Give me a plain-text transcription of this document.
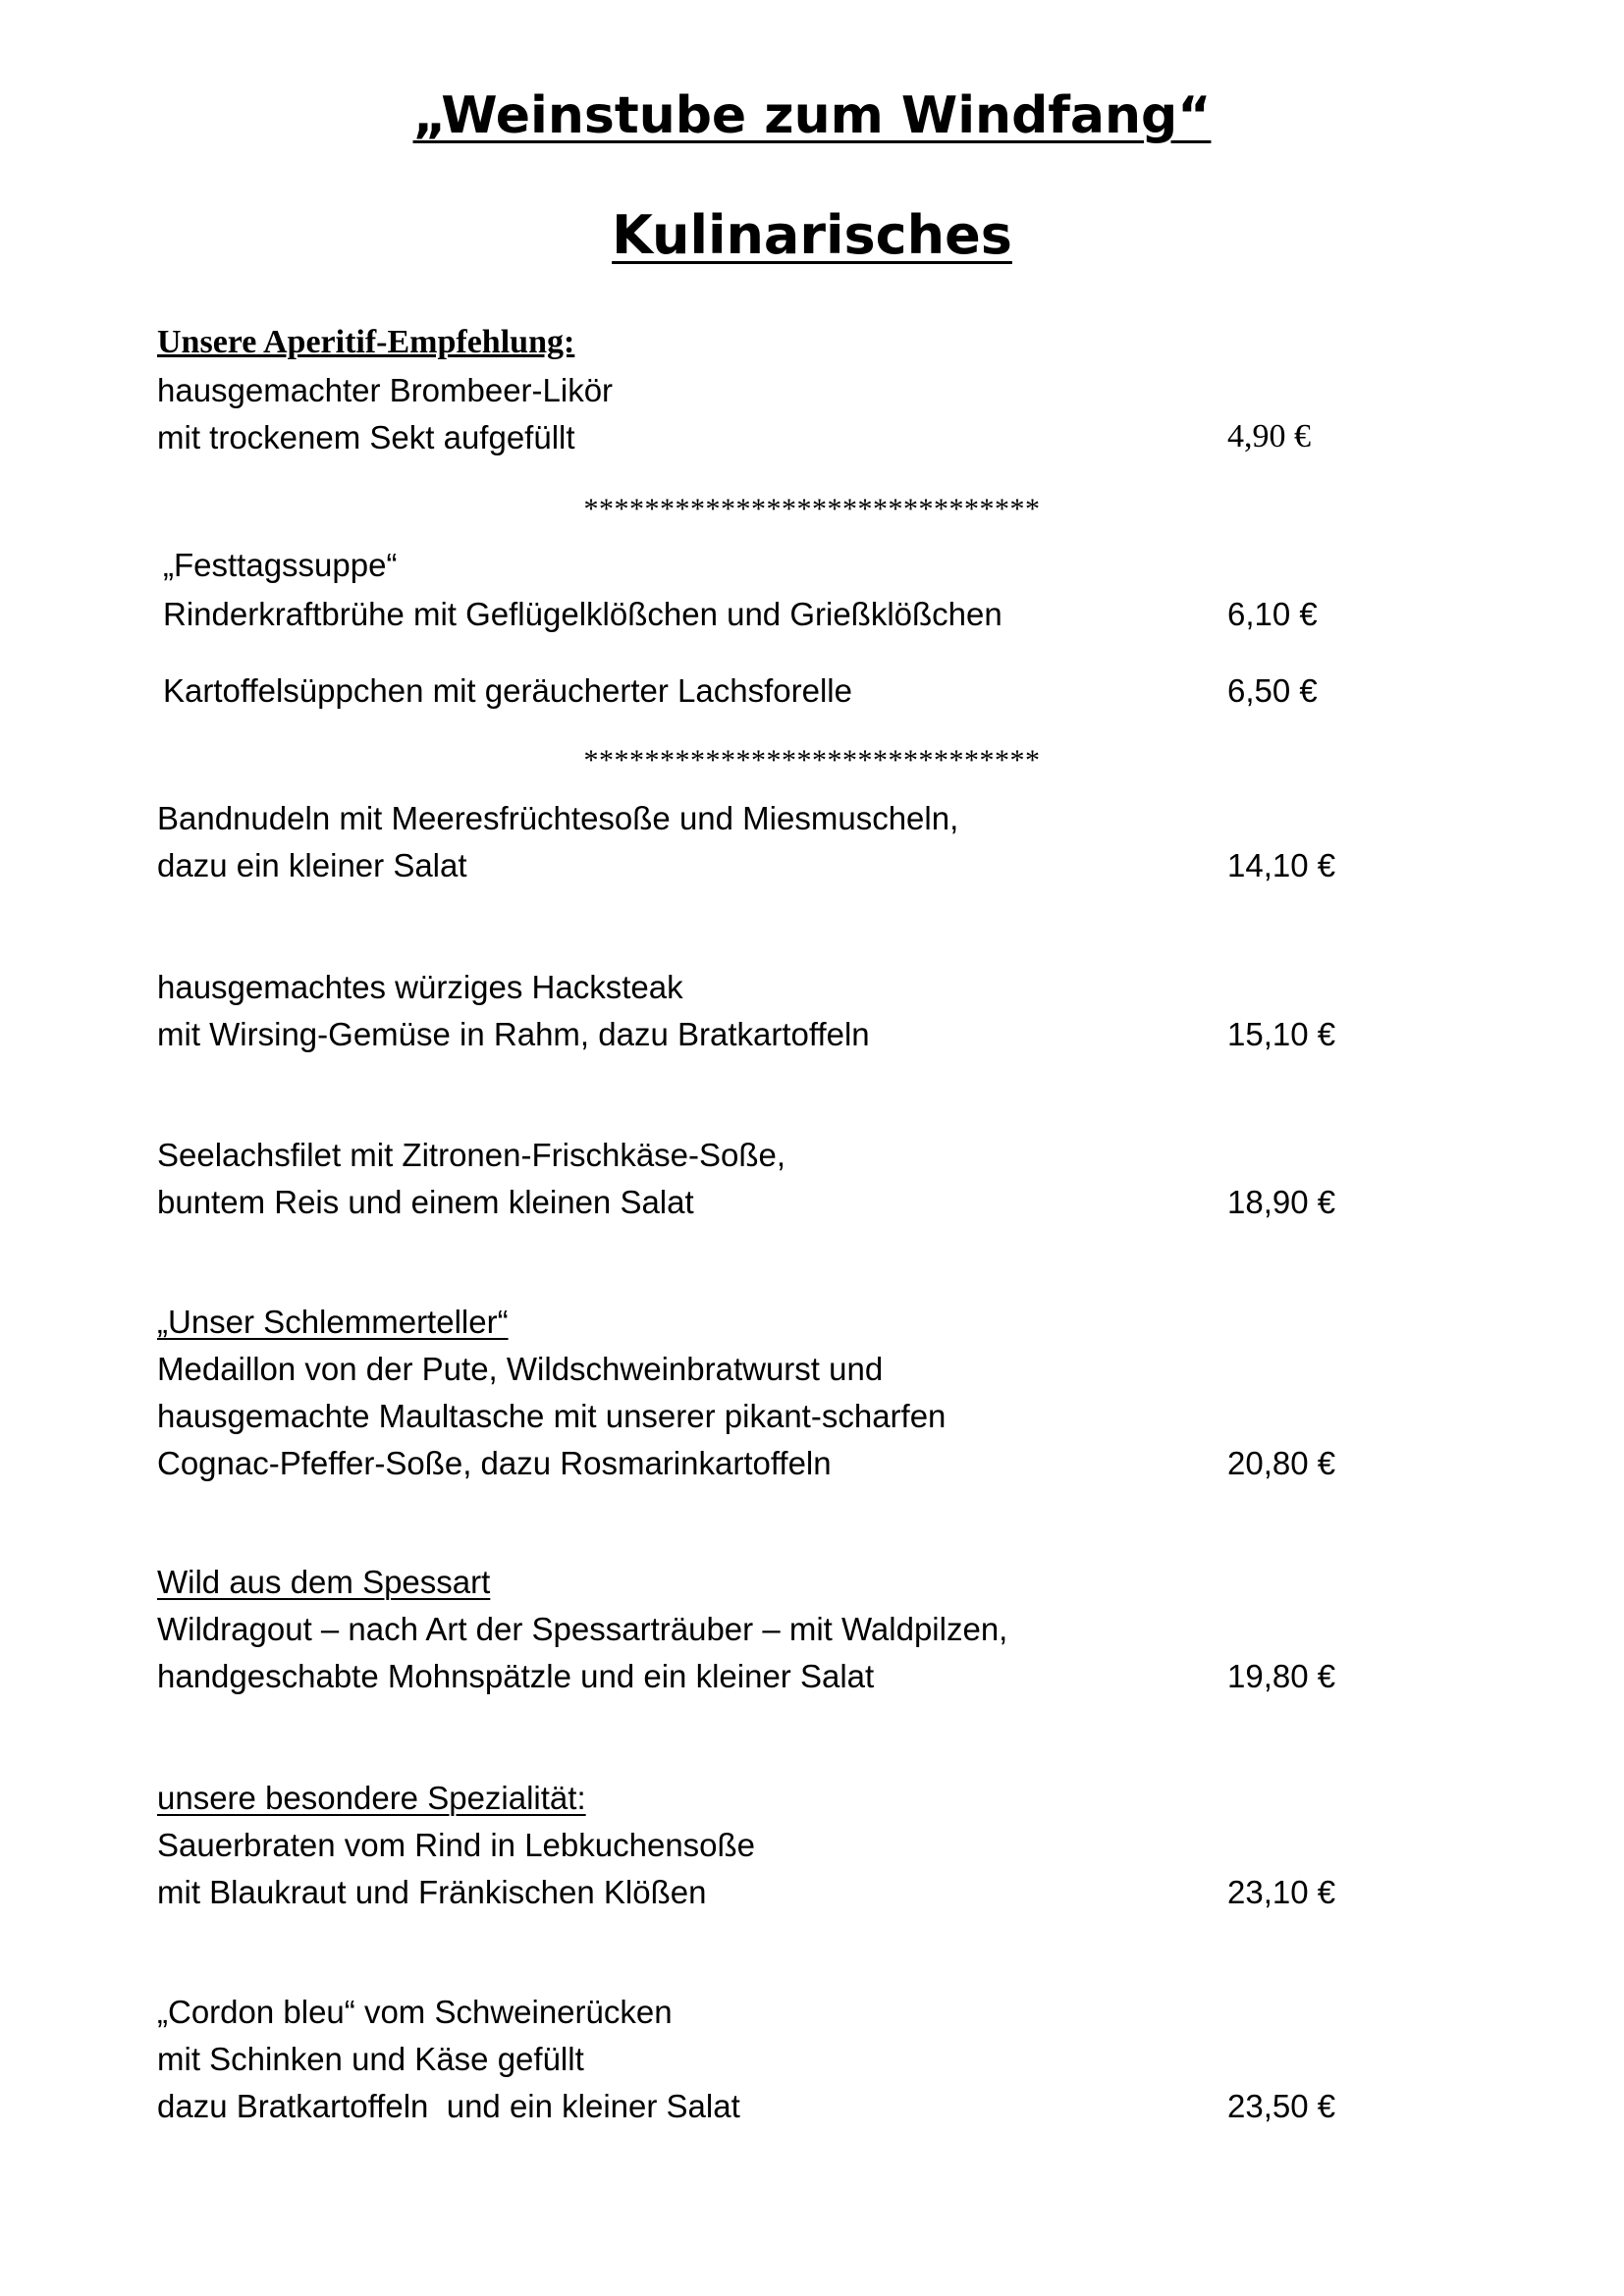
„Weinstube zum Windfang“
Kulinarisches
Unsere Aperitif-Empfehlung:
hausgemachter Brombeer-Likör
mit trockenem Sekt aufgefüllt	4,90 €
******************************
„Festtagssuppe“
Rinderkraftbrühe mit Geflügelklößchen und Grießklößchen	6,10 €
Kartoffelsüppchen mit geräucherter Lachsforelle	6,50 €
******************************
Bandnudeln mit Meeresfrüchtesoße und Miesmuscheln,
dazu ein kleiner Salat	14,10 €
hausgemachtes würziges Hacksteak
mit Wirsing-Gemüse in Rahm, dazu Bratkartoffeln	15,10 €
Seelachsfilet mit Zitronen-Frischkäse-Soße,
buntem Reis und einem kleinen Salat	18,90 €
„Unser Schlemmerteller“
Medaillon von der Pute, Wildschweinbratwurst und
hausgemachte Maultasche mit unserer pikant-scharfen
Cognac-Pfeffer-Soße, dazu Rosmarinkartoffeln	20,80 €
Wild aus dem Spessart
Wildragout – nach Art der Spessarträuber – mit Waldpilzen,
handgeschabte Mohnspätzle und ein kleiner Salat	19,80 €
unsere besondere Spezialität:
Sauerbraten vom Rind in Lebkuchensoße
mit Blaukraut und Fränkischen Klößen	23,10 €
„Cordon bleu“ vom Schweinerücken
mit Schinken und Käse gefüllt
dazu Bratkartoffeln  und ein kleiner Salat	23,50 €
